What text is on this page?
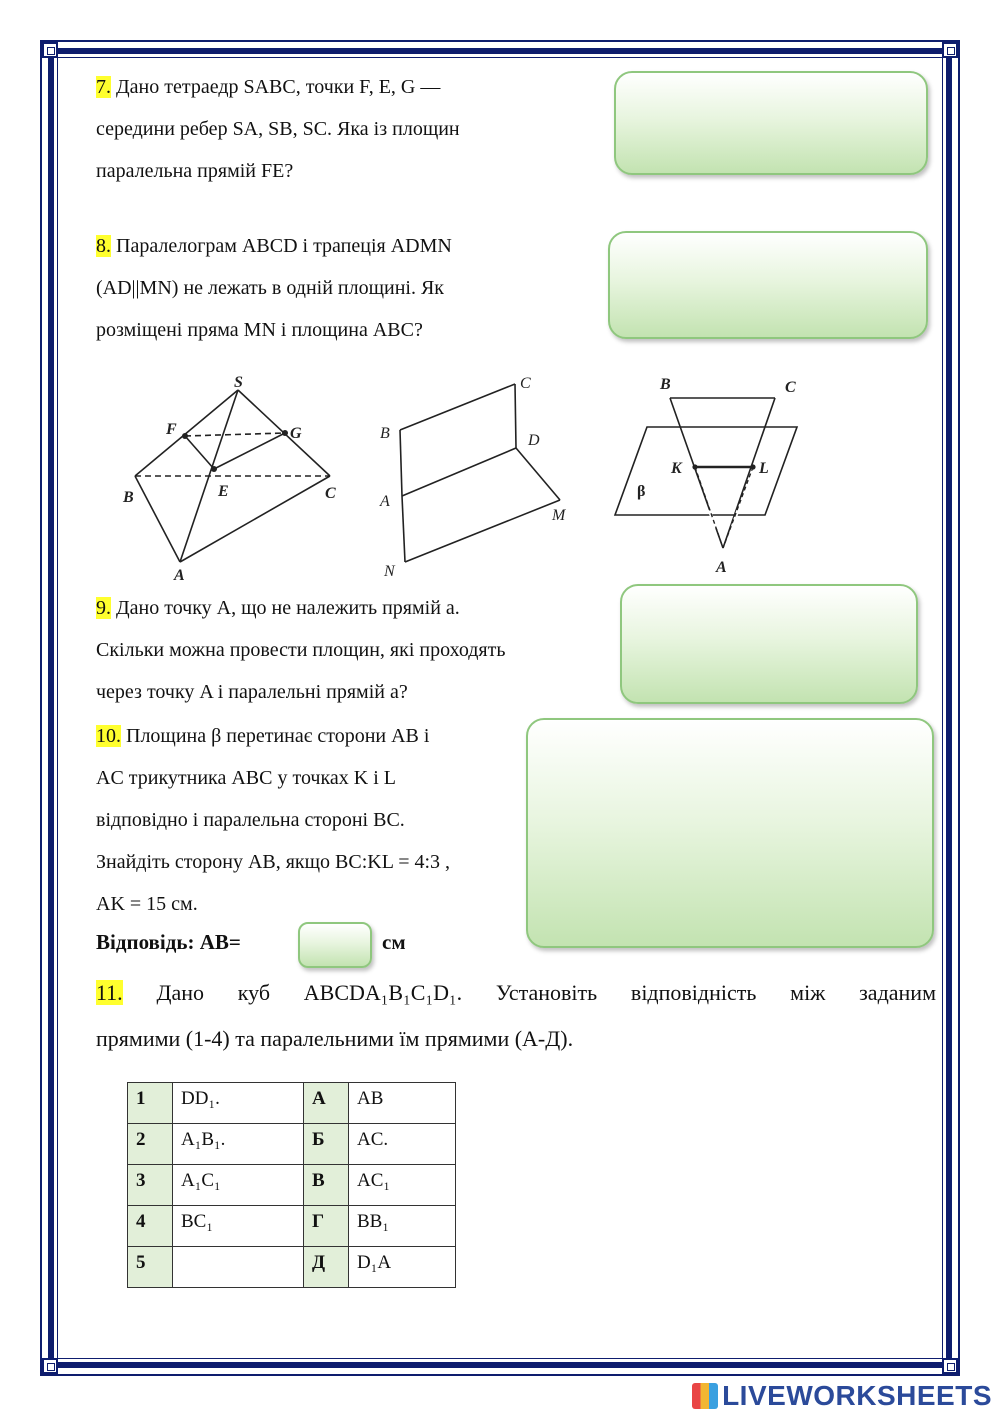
7. Дано тетраедр SABC, точки F, E, G —
середини ребер SA, SB, SC. Яка із площин
паралельна прямій FE?
8. Паралелограм ABCD і трапеція ADMN
(AD||MN) не лежать в одній площині. Як
розміщені пряма MN і площина ABC?
S
F	G
B	E	C
A
C
B	D
A
M
N
B	C
K	L
β
A
9. Дано точку A, що не належить прямій a.
Скільки можна провести площин, які проходять
через точку A і паралельні прямій a?
10. Площина β перетинає сторони AB і
AC трикутника ABC у точках K і L
відповідно і паралельна стороні BC.
Знайдіть сторону AB, якщо BC:KL = 4:3 ,
AK = 15 см.
Відповідь: AB=	см
11. Дано куб ABCDA₁B₁C₁D₁. Установіть відповідність між заданим
прямими (1-4) та паралельними їм прямими (А-Д).
1	DD₁.	А	AB
2	A₁B₁.	Б	AC.
3	A₁C₁	В	AC₁
4	BC₁	Г	BB₁
5		Д	D₁A
LIVEWORKSHEETS
